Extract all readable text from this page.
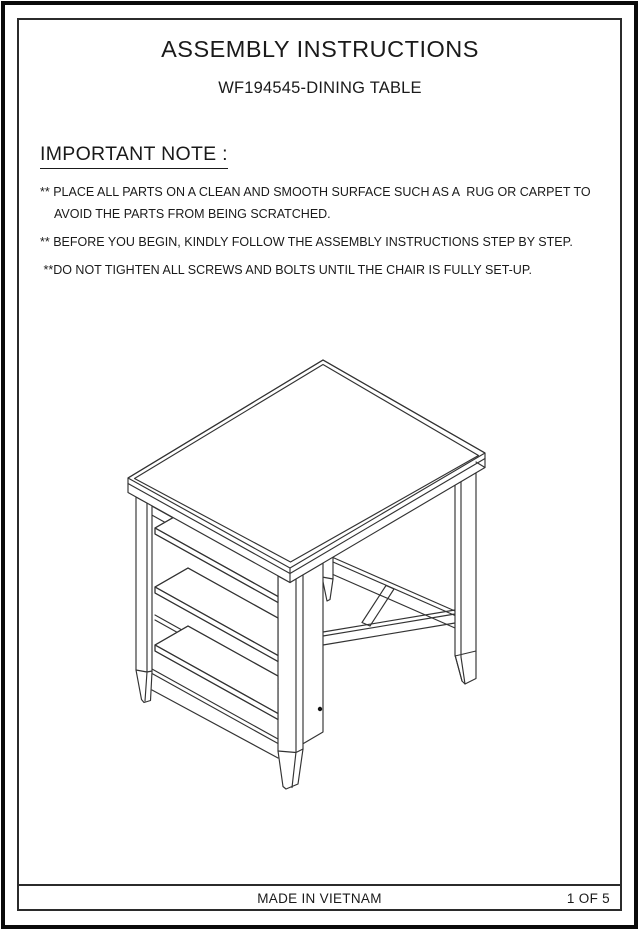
ASSEMBLY INSTRUCTIONS
WF194545-DINING TABLE
IMPORTANT NOTE :

** PLACE ALL PARTS ON A CLEAN AND SMOOTH SURFACE SUCH AS A  RUG OR CARPET TO AVOID THE PARTS FROM BEING SCRATCHED.

** BEFORE YOU BEGIN, KINDLY FOLLOW THE ASSEMBLY INSTRUCTIONS STEP BY STEP.

**DO NOT TIGHTEN ALL SCREWS AND BOLTS UNTIL THE CHAIR IS FULLY SET-UP.

MADE IN VIETNAM	1 OF 5
